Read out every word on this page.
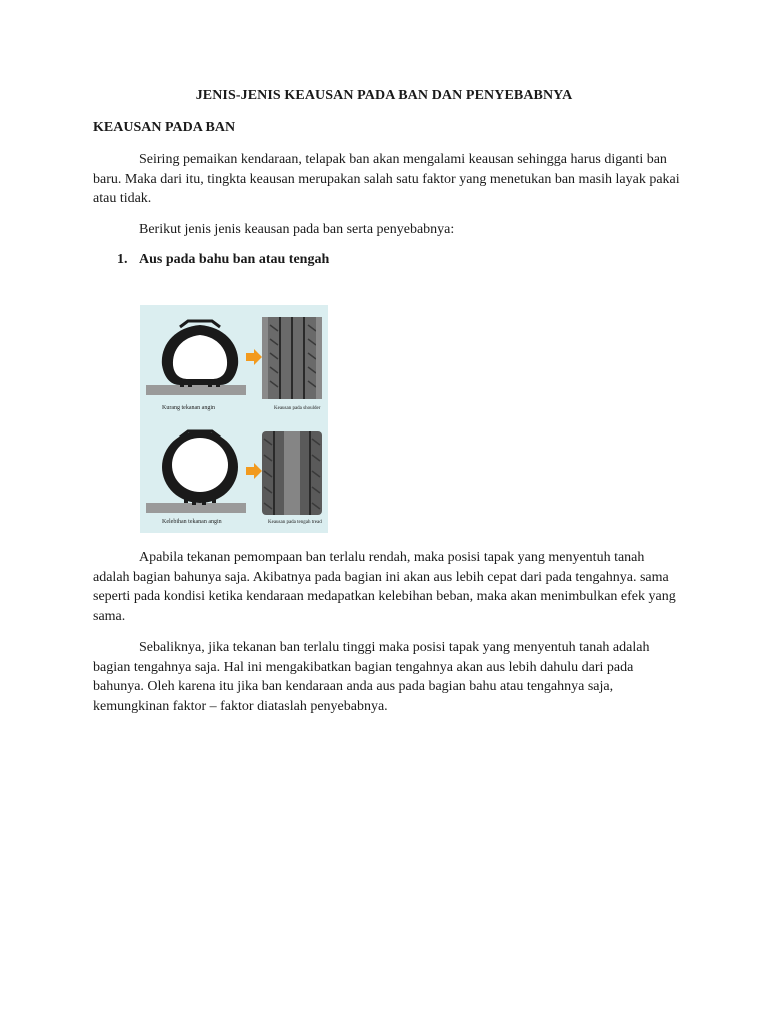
JENIS-JENIS KEAUSAN PADA BAN DAN PENYEBABNYA
KEAUSAN PADA BAN

Seiring pemaikan kendaraan, telapak ban akan mengalami keausan sehingga harus diganti ban baru. Maka dari itu, tingkta keausan merupakan salah satu faktor yang menetukan ban masih layak pakai atau tidak.

Berikut jenis jenis keausan pada ban serta penyebabnya:

1. Aus pada bahu ban atau tengah
Kurang tekanan angin	Keausan pada shoulder
Kelebihan tekanan angin	Keausan pada tengah tread

Apabila tekanan pemompaan ban terlalu rendah, maka posisi tapak yang menyentuh tanah adalah bagian bahunya saja. Akibatnya pada bagian ini akan aus lebih cepat dari pada tengahnya. sama seperti pada kondisi ketika kendaraan medapatkan kelebihan beban, maka akan menimbulkan efek yang sama.

Sebaliknya, jika tekanan ban terlalu tinggi maka posisi tapak yang menyentuh tanah adalah bagian tengahnya saja. Hal ini mengakibatkan bagian tengahnya akan aus lebih dahulu dari pada bahunya. Oleh karena itu jika ban kendaraan anda aus pada bagian bahu atau tengahnya saja, kemungkinan faktor – faktor diataslah penyebabnya.
